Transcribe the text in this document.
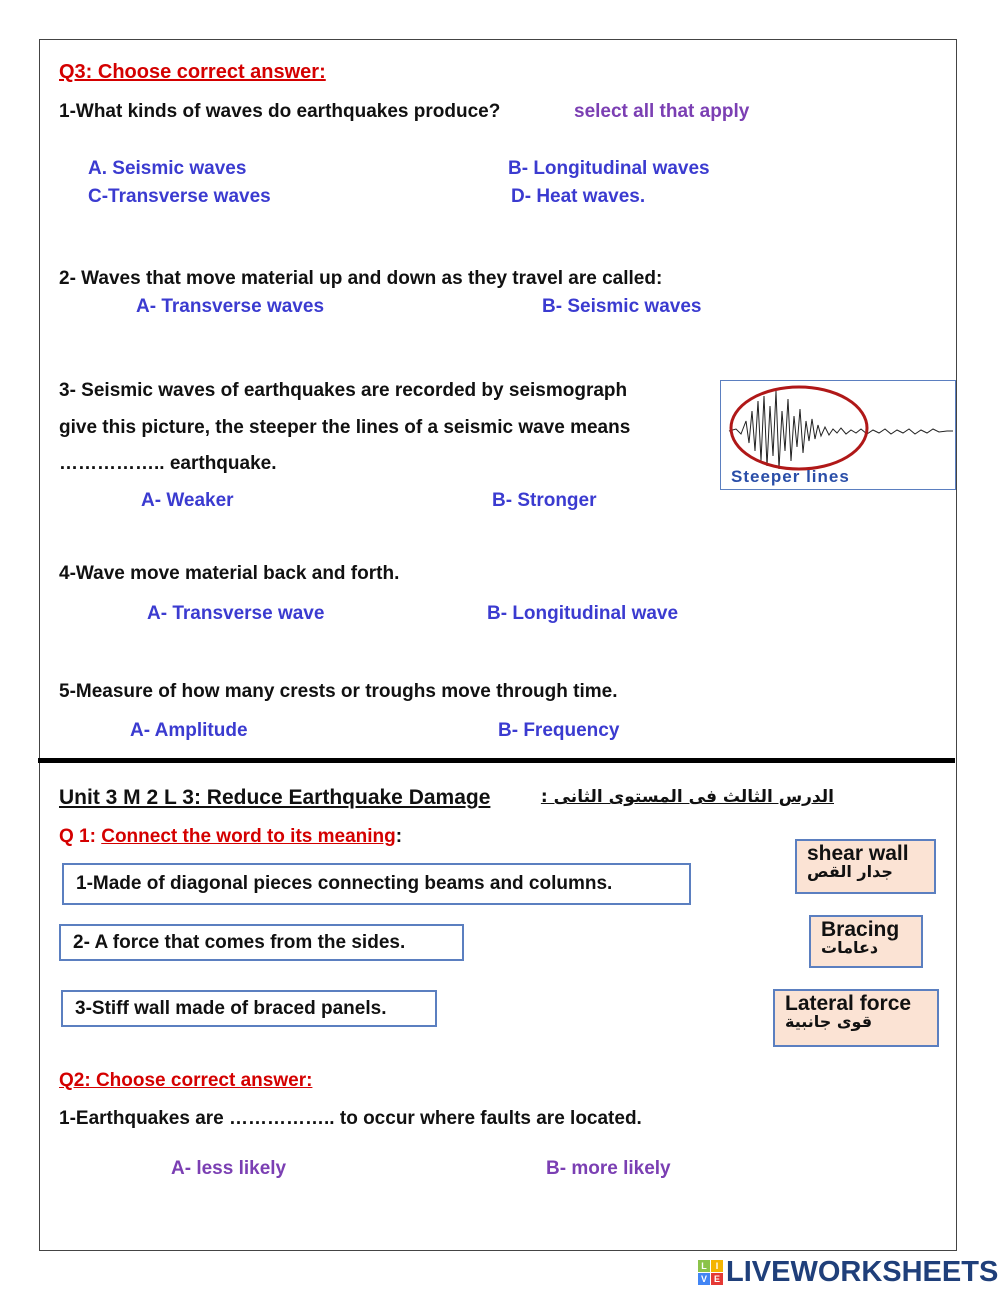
Q3: Choose correct answer:
1-What kinds of waves do earthquakes produce?	select all that apply
A. Seismic waves	B- Longitudinal waves
C-Transverse waves	D- Heat waves.
2- Waves that move material up and down as they travel are called:
A- Transverse waves	B- Seismic waves
3- Seismic waves of earthquakes are recorded by seismograph
give this picture, the steeper the lines of a seismic wave means
…………….. earthquake.
Steeper lines
A- Weaker	B- Stronger
4-Wave move material back and forth.
A- Transverse wave	B- Longitudinal wave
5-Measure of how many crests or troughs move through time.
A- Amplitude	B- Frequency
Unit 3 M 2 L 3: Reduce Earthquake Damage	الدرس الثالث فى المستوى الثانى :
Q 1: Connect the word to its meaning:
1-Made of diagonal pieces connecting beams and columns.
2- A force that comes from the sides.
3-Stiff wall made of braced panels.
shear wall
جدار القص
Bracing
دعامات
Lateral force
قوى جانبية
Q2: Choose correct answer:
1-Earthquakes are …………….. to occur where faults are located.
A- less likely	B- more likely
L I
V E LIVEWORKSHEETS
